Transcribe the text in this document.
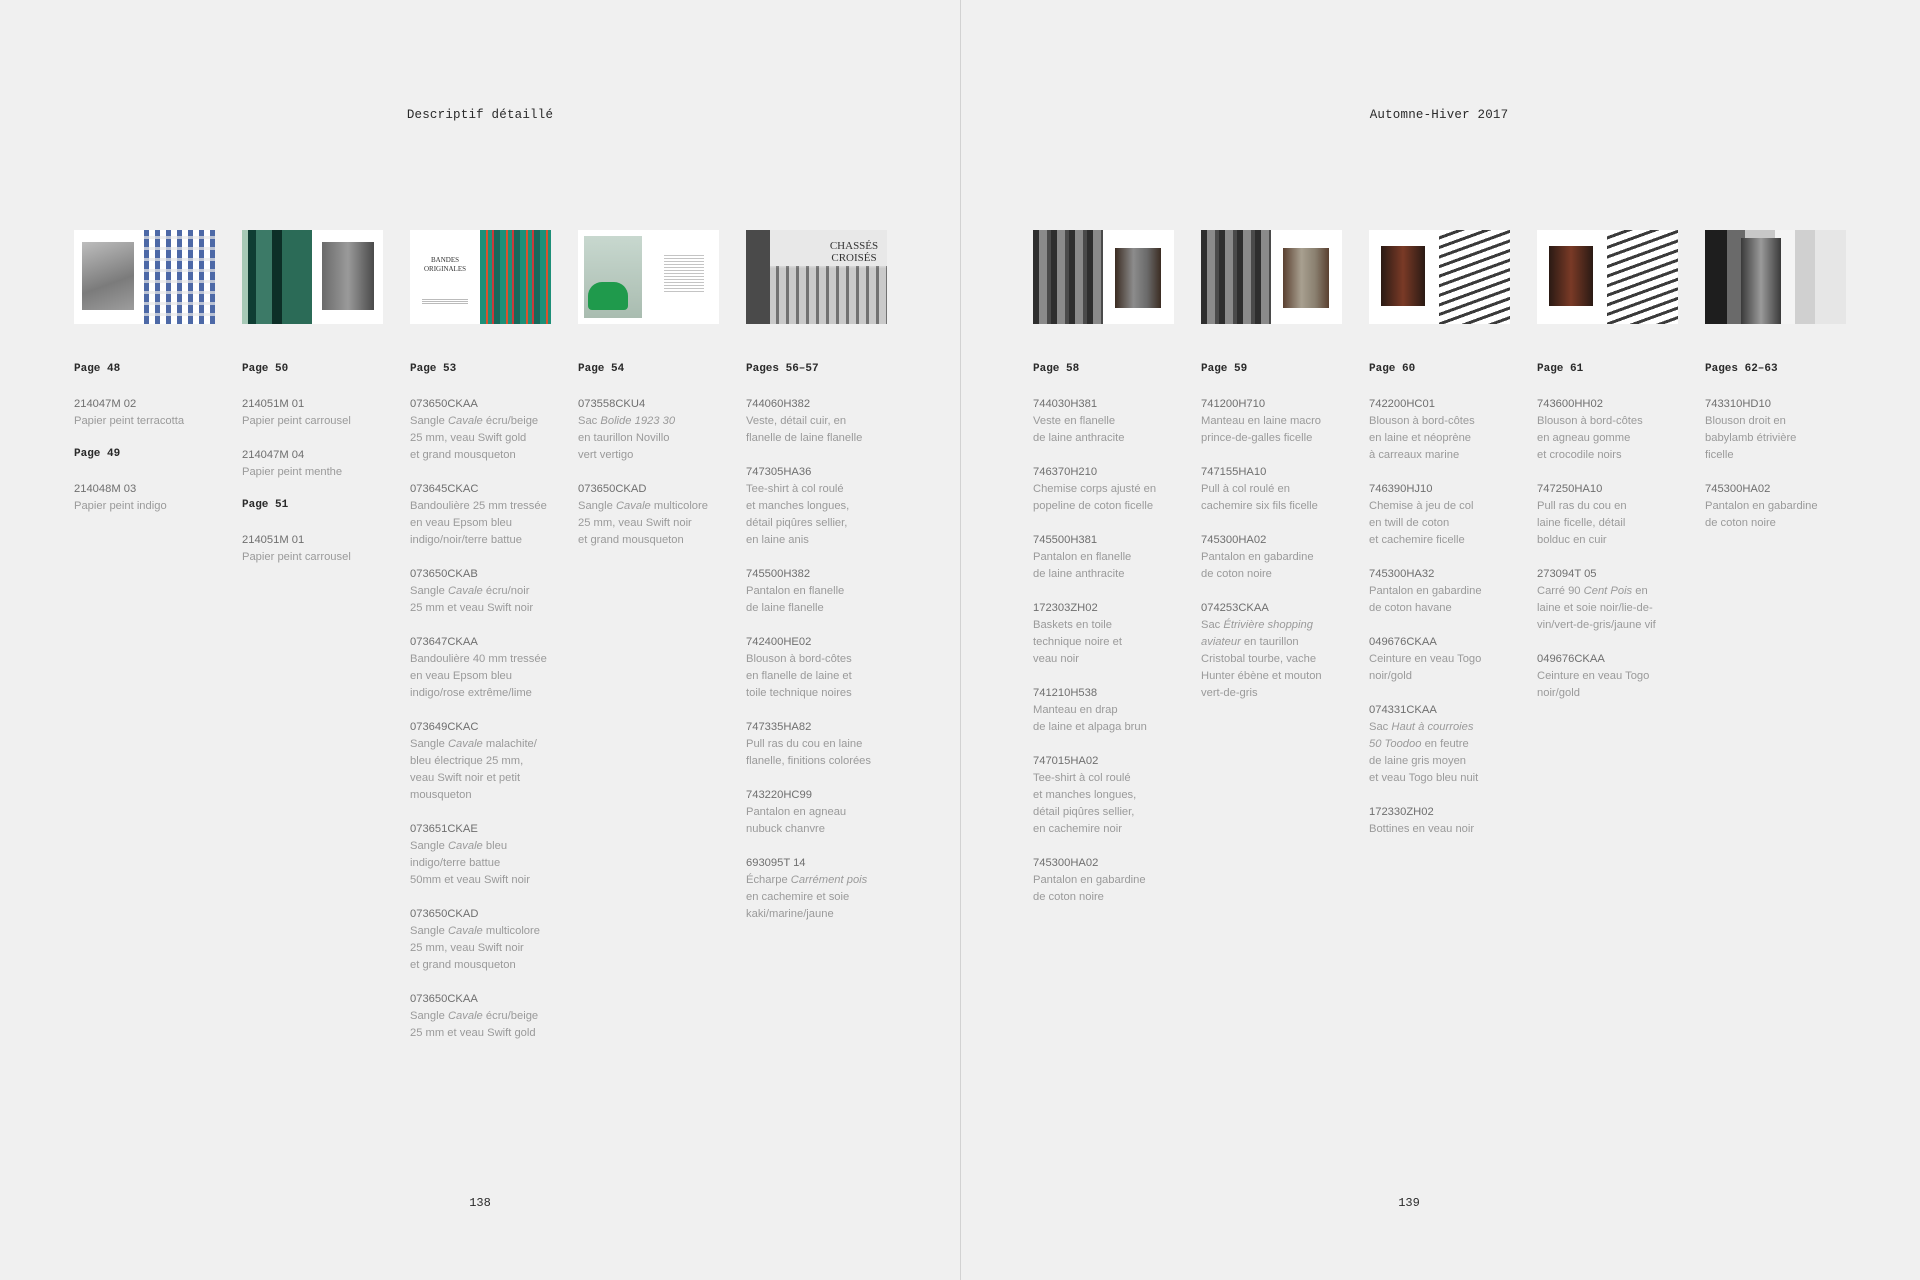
Descriptif détaillé
Page 48
214047M 02
Papier peint terracotta
Page 49
214048M 03
Papier peint indigo
Page 50
214051M 01
Papier peint carrousel
214047M 04
Papier peint menthe
Page 51
214051M 01
Papier peint carrousel
BANDES ORIGINALES
Page 53
073650CKAA
Sangle Cavale écru/beige
25 mm, veau Swift gold
et grand mousqueton
073645CKAC
Bandoulière 25 mm tressée
en veau Epsom bleu
indigo/noir/terre battue
073650CKAB
Sangle Cavale écru/noir
25 mm et veau Swift noir
073647CKAA
Bandoulière 40 mm tressée
en veau Epsom bleu
indigo/rose extrême/lime
073649CKAC
Sangle Cavale malachite/
bleu électrique 25 mm,
veau Swift noir et petit
mousqueton
073651CKAE
Sangle Cavale bleu
indigo/terre battue
50mm et veau Swift noir
073650CKAD
Sangle Cavale multicolore
25 mm, veau Swift noir
et grand mousqueton
073650CKAA
Sangle Cavale écru/beige
25 mm et veau Swift gold
Page 54
073558CKU4
Sac Bolide 1923 30
en taurillon Novillo
vert vertigo
073650CKAD
Sangle Cavale multicolore
25 mm, veau Swift noir
et grand mousqueton
CHASSÉS CROISÉS
Pages 56–57
744060H382
Veste, détail cuir, en
flanelle de laine flanelle
747305HA36
Tee-shirt à col roulé
et manches longues,
détail piqûres sellier,
en laine anis
745500H382
Pantalon en flanelle
de laine flanelle
742400HE02
Blouson à bord-côtes
en flanelle de laine et
toile technique noires
747335HA82
Pull ras du cou en laine
flanelle, finitions colorées
743220HC99
Pantalon en agneau
nubuck chanvre
693095T 14
Écharpe Carrément pois
en cachemire et soie
kaki/marine/jaune
138
Automne-Hiver 2017
Page 58
744030H381
Veste en flanelle
de laine anthracite
746370H210
Chemise corps ajusté en
popeline de coton ficelle
745500H381
Pantalon en flanelle
de laine anthracite
172303ZH02
Baskets en toile
technique noire et
veau noir
741210H538
Manteau en drap
de laine et alpaga brun
747015HA02
Tee-shirt à col roulé
et manches longues,
détail piqûres sellier,
en cachemire noir
745300HA02
Pantalon en gabardine
de coton noire
Page 59
741200H710
Manteau en laine macro
prince-de-galles ficelle
747155HA10
Pull à col roulé en
cachemire six fils ficelle
745300HA02
Pantalon en gabardine
de coton noire
074253CKAA
Sac Étrivière shopping
aviateur en taurillon
Cristobal tourbe, vache
Hunter ébène et mouton
vert-de-gris
Page 60
742200HC01
Blouson à bord-côtes
en laine et néoprène
à carreaux marine
746390HJ10
Chemise à jeu de col
en twill de coton
et cachemire ficelle
745300HA32
Pantalon en gabardine
de coton havane
049676CKAA
Ceinture en veau Togo
noir/gold
074331CKAA
Sac Haut à courroies
50 Toodoo en feutre
de laine gris moyen
et veau Togo bleu nuit
172330ZH02
Bottines en veau noir
Page 61
743600HH02
Blouson à bord-côtes
en agneau gomme
et crocodile noirs
747250HA10
Pull ras du cou en
laine ficelle, détail
bolduc en cuir
273094T 05
Carré 90 Cent Pois en
laine et soie noir/lie-de-
vin/vert-de-gris/jaune vif
049676CKAA
Ceinture en veau Togo
noir/gold
Pages 62–63
743310HD10
Blouson droit en
babylamb étrivière
ficelle
745300HA02
Pantalon en gabardine
de coton noire
139
